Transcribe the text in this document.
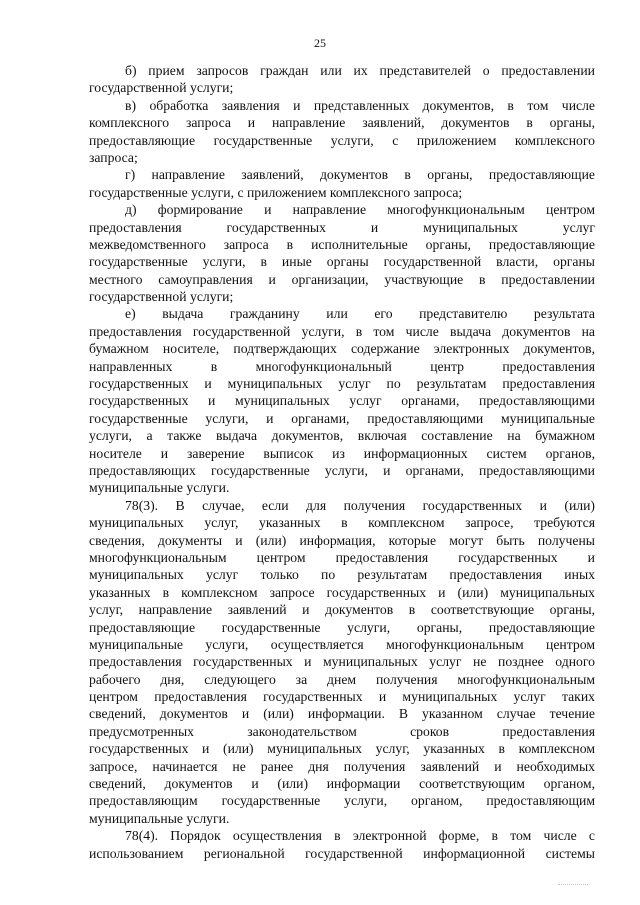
25
б) прием запросов граждан или их представителей о предоставлении
государственной услуги;
в) обработка заявления и представленных документов, в том числе
комплексного запроса и направление заявлений, документов в органы,
предоставляющие государственные услуги, с приложением комплексного
запроса;
г) направление заявлений, документов в органы, предоставляющие
государственные услуги, с приложением комплексного запроса;
д) формирование и направление многофункциональным центром
предоставления государственных и муниципальных услуг
межведомственного запроса в исполнительные органы, предоставляющие
государственные услуги, в иные органы государственной власти, органы
местного самоуправления и организации, участвующие в предоставлении
государственной услуги;
е) выдача гражданину или его представителю результата
предоставления государственной услуги, в том числе выдача документов на
бумажном носителе, подтверждающих содержание электронных документов,
направленных в многофункциональный центр предоставления
государственных и муниципальных услуг по результатам предоставления
государственных и муниципальных услуг органами, предоставляющими
государственные услуги, и органами, предоставляющими муниципальные
услуги, а также выдача документов, включая составление на бумажном
носителе и заверение выписок из информационных систем органов,
предоставляющих государственные услуги, и органами, предоставляющими
муниципальные услуги.
78(3). В случае, если для получения государственных и (или)
муниципальных услуг, указанных в комплексном запросе, требуются
сведения, документы и (или) информация, которые могут быть получены
многофункциональным центром предоставления государственных и
муниципальных услуг только по результатам предоставления иных
указанных в комплексном запросе государственных и (или) муниципальных
услуг, направление заявлений и документов в соответствующие органы,
предоставляющие государственные услуги, органы, предоставляющие
муниципальные услуги, осуществляется многофункциональным центром
предоставления государственных и муниципальных услуг не позднее одного
рабочего дня, следующего за днем получения многофункциональным
центром предоставления государственных и муниципальных услуг таких
сведений, документов и (или) информации. В указанном случае течение
предусмотренных законодательством сроков предоставления
государственных и (или) муниципальных услуг, указанных в комплексном
запросе, начинается не ранее дня получения заявлений и необходимых
сведений, документов и (или) информации соответствующим органом,
предоставляющим государственные услуги, органом, предоставляющим
муниципальные услуги.
78(4). Порядок осуществления в электронной форме, в том числе с
использованием региональной государственной информационной системы
